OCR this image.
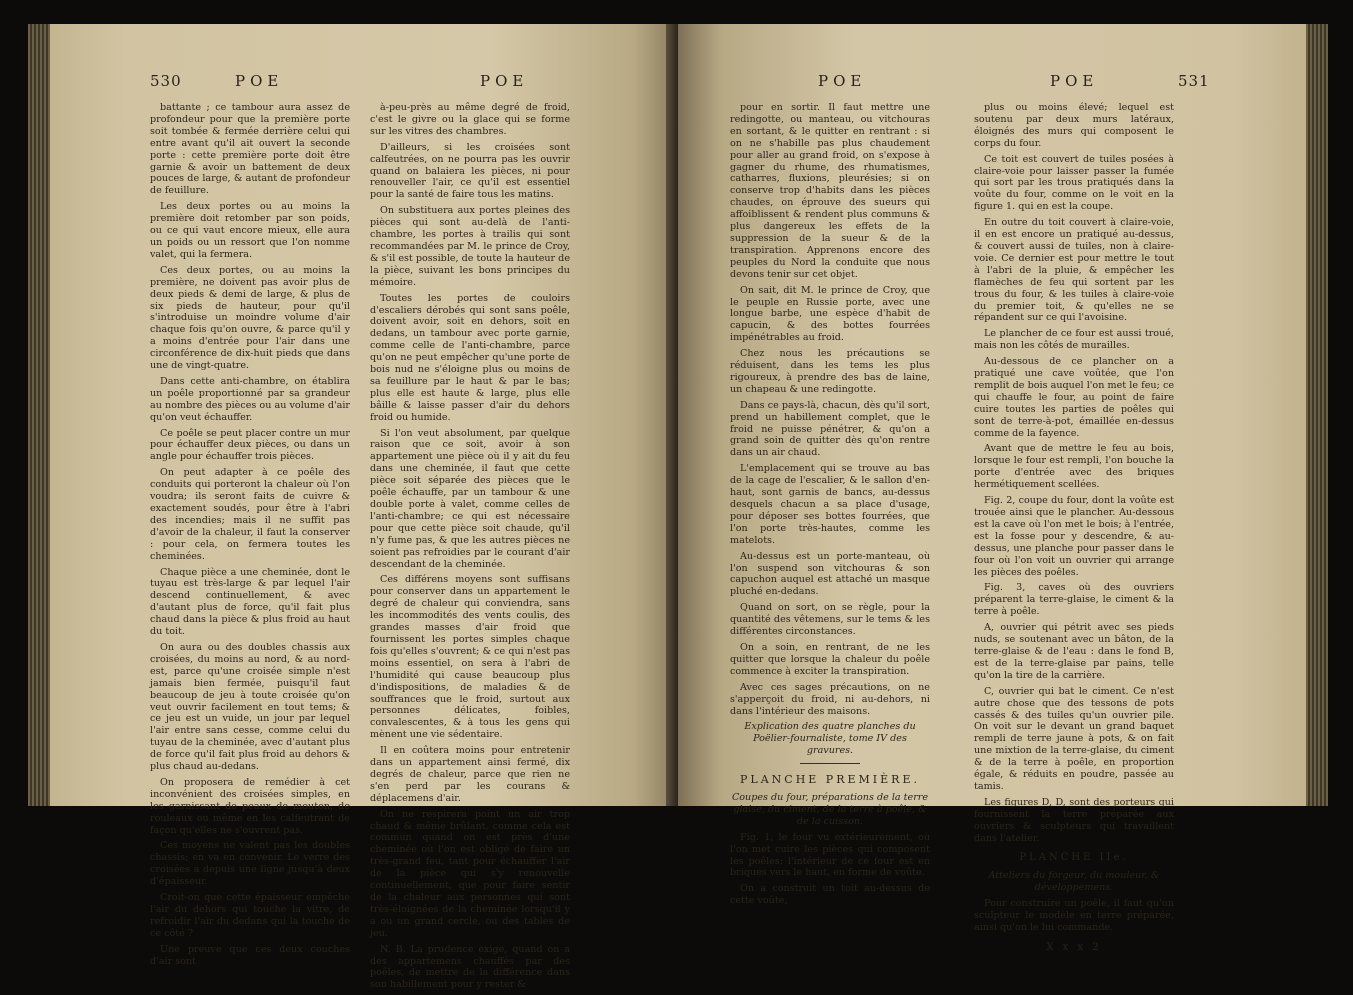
530	POE	POE

battante ; ce tambour aura assez de profondeur pour que la première porte soit tombée & fermée derrière celui qui entre avant qu'il ait ouvert la seconde porte : cette première porte doit être garnie & avoir un battement de deux pouces de large, & autant de profondeur de feuillure.

Les deux portes ou au moins la première doit retomber par son poids, ou ce qui vaut encore mieux, elle aura un poids ou un ressort que l'on nomme valet, qui la fermera.

Ces deux portes, ou au moins la première, ne doivent pas avoir plus de deux pieds & demi de large, & plus de six pieds de hauteur, pour qu'il s'introduise un moindre volume d'air chaque fois qu'on ouvre, & parce qu'il y a moins d'entrée pour l'air dans une circonférence de dix-huit pieds que dans une de vingt-quatre.

Dans cette anti-chambre, on établira un poêle proportionné par sa grandeur au nombre des pièces ou au volume d'air qu'on veut échauffer.

Ce poêle se peut placer contre un mur pour échauffer deux pièces, ou dans un angle pour échauffer trois pièces.

On peut adapter à ce poêle des conduits qui porteront la chaleur où l'on voudra; ils seront faits de cuivre & exactement soudés, pour être à l'abri des incendies; mais il ne suffit pas d'avoir de la chaleur, il faut la conserver : pour cela, on fermera toutes les cheminées.

Chaque pièce a une cheminée, dont le tuyau est très-large & par lequel l'air descend continuellement, & avec d'autant plus de force, qu'il fait plus chaud dans la pièce & plus froid au haut du toit.

On aura ou des doubles chassis aux croisées, du moins au nord, & au nord-est, parce qu'une croisée simple n'est jamais bien fermée, puisqu'il faut beaucoup de jeu à toute croisée qu'on veut ouvrir facilement en tout tems; & ce jeu est un vuide, un jour par lequel l'air entre sans cesse, comme celui du tuyau de la cheminée, avec d'autant plus de force qu'il fait plus froid au dehors & plus chaud au-dedans.

On proposera de remédier à cet inconvénient des croisées simples, en les garnissant de peaux de mouton, de rouleaux ou même en les calfeutrant de façon qu'elles ne s'ouvrent pas.

Ces moyens ne valent pas les doubles chassis; en va en convenir. Le verre des croisées a depuis une ligne jusqu'à deux d'épaisseur.

Croit-on que cette épaisseur empêche l'air du dehors qui touche la vitre, de refroidir l'air du dedans qui la touche de ce côté ?

Une preuve que ces deux couches d'air sont

à-peu-près au même degré de froid, c'est le givre ou la glace qui se forme sur les vitres des chambres.

D'ailleurs, si les croisées sont calfeutrées, on ne pourra pas les ouvrir quand on balaiera les pièces, ni pour renouveller l'air, ce qu'il est essentiel pour la santé de faire tous les matins.

On substituera aux portes pleines des pièces qui sont au-delà de l'anti-chambre, les portes à trailis qui sont recommandées par M. le prince de Croy, & s'il est possible, de toute la hauteur de la pièce, suivant les bons principes du mémoire.

Toutes les portes de couloirs d'escaliers dérobés qui sont sans poêle, doivent avoir, soit en dehors, soit en dedans, un tambour avec porte garnie, comme celle de l'anti-chambre, parce qu'on ne peut empêcher qu'une porte de bois nud ne s'éloigne plus ou moins de sa feuillure par le haut & par le bas; plus elle est haute & large, plus elle bâille & laisse passer d'air du dehors froid ou humide.

Si l'on veut absolument, par quelque raison que ce soit, avoir à son appartement une pièce où il y ait du feu dans une cheminée, il faut que cette pièce soit séparée des pièces que le poêle échauffe, par un tambour & une double porte à valet, comme celles de l'anti-chambre; ce qui est nécessaire pour que cette pièce soit chaude, qu'il n'y fume pas, & que les autres pièces ne soient pas refroidies par le courant d'air descendant de la cheminée.

Ces différens moyens sont suffisans pour conserver dans un appartement le degré de chaleur qui conviendra, sans les incommodités des vents coulis, des grandes masses d'air froid que fournissent les portes simples chaque fois qu'elles s'ouvrent; & ce qui n'est pas moins essentiel, on sera à l'abri de l'humidité qui cause beaucoup plus d'indispositions, de maladies & de souffrances que le froid, surtout aux personnes délicates, foibles, convalescentes, & à tous les gens qui mènent une vie sédentaire.

Il en coûtera moins pour entretenir dans un appartement ainsi fermé, dix degrés de chaleur, parce que rien ne s'en perd par les courans & déplacemens d'air.

On ne respirera point un air trop chaud & même brûlant, comme cela est commun quand on est près d'une cheminée où l'on est obligé de faire un très-grand feu, tant pour échauffer l'air de la pièce qui s'y renouvelle continuellement, que pour faire sentir de la chaleur aux personnes qui sont très-éloignées de la cheminée lorsqu'il y a ou un grand cercle, ou des tables de jeu.

N. B. La prudence exige, quand on a des appartemens chauffés par des poêles, de mettre de la différence dans son habillement pour y rester &

POE	POE	531

pour en sortir. Il faut mettre une redingotte, ou manteau, ou vitchouras en sortant, & le quitter en rentrant : si on ne s'habille pas plus chaudement pour aller au grand froid, on s'expose à gagner du rhume, des rhumatismes, catharres, fluxions, pleurésies; si on conserve trop d'habits dans les pièces chaudes, on éprouve des sueurs qui affoiblissent & rendent plus communs & plus dangereux les effets de la suppression de la sueur & de la transpiration. Apprenons encore des peuples du Nord la conduite que nous devons tenir sur cet objet.

On sait, dit M. le prince de Croy, que le peuple en Russie porte, avec une longue barbe, une espèce d'habit de capucin, & des bottes fourrées impénétrables au froid.

Chez nous les précautions se réduisent, dans les tems les plus rigoureux, à prendre des bas de laine, un chapeau & une redingotte.

Dans ce pays-là, chacun, dès qu'il sort, prend un habillement complet, que le froid ne puisse pénétrer, & qu'on a grand soin de quitter dès qu'on rentre dans un air chaud.

L'emplacement qui se trouve au bas de la cage de l'escalier, & le sallon d'en-haut, sont garnis de bancs, au-dessus desquels chacun a sa place d'usage, pour déposer ses bottes fourrées, que l'on porte très-hautes, comme les matelots.

Au-dessus est un porte-manteau, où l'on suspend son vitchouras & son capuchon auquel est attaché un masque pluché en-dedans.

Quand on sort, on se règle, pour la quantité des vêtemens, sur le tems & les différentes circonstances.

On a soin, en rentrant, de ne les quitter que lorsque la chaleur du poêle commence à exciter la transpiration.

Avec ces sages précautions, on ne s'apperçoit du froid, ni au-dehors, ni dans l'intérieur des maisons.

Explication des quatre planches du Poëlier-fournaliste, tome IV des gravures.

PLANCHE PREMIÈRE.

Coupes du four, préparations de la terre glaise, du ciment, de la terre à poêle, & de la cuisson.

Fig. 1, le four vu extérieurement, où l'on met cuire les pièces qui composent les poêles; l'intérieur de ce four est en briques vers le haut, en forme de voûte.

On a construit un toit au-dessus de cette voûte,

plus ou moins élevé; lequel est soutenu par deux murs latéraux, éloignés des murs qui composent le corps du four.

Ce toit est couvert de tuiles posées à claire-voie pour laisser passer la fumée qui sort par les trous pratiqués dans la voûte du four, comme on le voit en la figure 1. qui en est la coupe.

En outre du toit couvert à claire-voie, il en est encore un pratiqué au-dessus, & couvert aussi de tuiles, non à claire-voie. Ce dernier est pour mettre le tout à l'abri de la pluie, & empêcher les flamèches de feu qui sortent par les trous du four, & les tuiles à claire-voie du premier toit, & qu'elles ne se répandent sur ce qui l'avoisine.

Le plancher de ce four est aussi troué, mais non les côtés de murailles.

Au-dessous de ce plancher on a pratiqué une cave voûtée, que l'on remplit de bois auquel l'on met le feu; ce qui chauffe le four, au point de faire cuire toutes les parties de poêles qui sont de terre-à-pot, émaillée en-dessus comme de la fayence.

Avant que de mettre le feu au bois, lorsque le four est rempli, l'on bouche la porte d'entrée avec des briques hermétiquement scellées.

Fig. 2, coupe du four, dont la voûte est trouée ainsi que le plancher. Au-dessous est la cave où l'on met le bois; à l'entrée, est la fosse pour y descendre, & au-dessus, une planche pour passer dans le four où l'on voit un ouvrier qui arrange les pièces des poêles.

Fig. 3, caves où des ouvriers préparent la terre-glaise, le ciment & la terre à poêle.

A, ouvrier qui pétrit avec ses pieds nuds, se soutenant avec un bâton, de la terre-glaise & de l'eau : dans le fond B, est de la terre-glaise par pains, telle qu'on la tire de la carrière.

C, ouvrier qui bat le ciment. Ce n'est autre chose que des tessons de pots cassés & des tuiles qu'un ouvrier pile. On voit sur le devant un grand baquet rempli de terre jaune à pots, & on fait une mixtion de la terre-glaise, du ciment & de la terre à poêle, en proportion égale, & réduits en poudre, passée au tamis.

Les figures D, D, sont des porteurs qui fournissent la terre préparée aux ouvriers & sculpteurs qui travaillent dans l'atelier.

PLANCHE IIe.

Atteliers du forgeur, du mouleur, & développemens.

Pour construire un poêle, il faut qu'un sculpteur le modèle en terre préparée, ainsi qu'on le lui commande.

X x x 2
